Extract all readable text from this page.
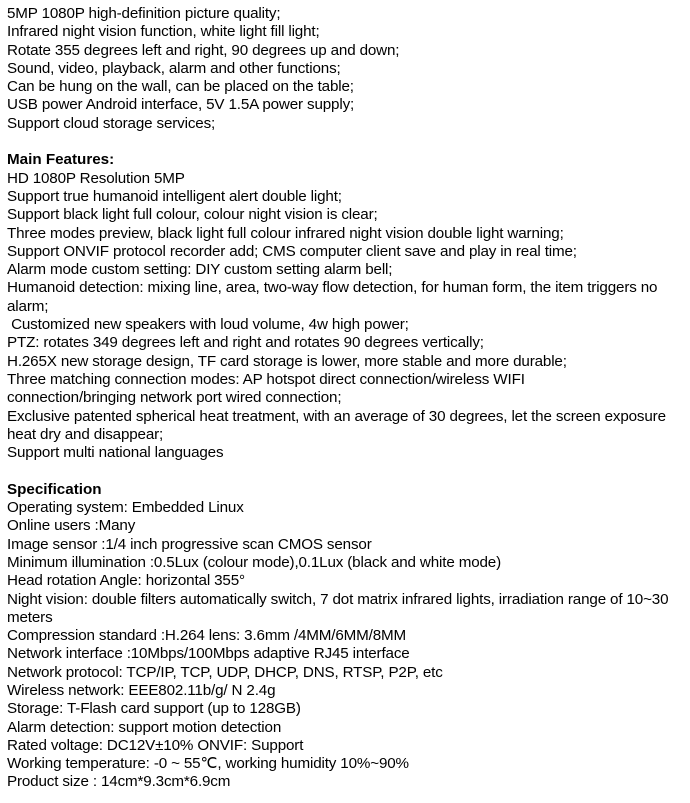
5MP 1080P high-definition picture quality;
Infrared night vision function, white light fill light;
Rotate 355 degrees left and right, 90 degrees up and down;
Sound, video, playback, alarm and other functions;
Can be hung on the wall, can be placed on the table;
USB power Android interface, 5V 1.5A power supply;
Support cloud storage services;
Main Features:
HD 1080P Resolution 5MP
Support true humanoid intelligent alert double light;
Support black light full colour, colour night vision is clear;
Three modes preview, black light full colour infrared night vision double light warning;
Support ONVIF protocol recorder add; CMS computer client save and play in real time;
Alarm mode custom setting: DIY custom setting alarm bell;
Humanoid detection: mixing line, area, two-way flow detection, for human form, the item triggers no alarm;
Customized new speakers with loud volume, 4w high power;
PTZ: rotates 349 degrees left and right and rotates 90 degrees vertically;
H.265X new storage design, TF card storage is lower, more stable and more durable;
Three matching connection modes: AP hotspot direct connection/wireless WIFI connection/bringing network port wired connection;
Exclusive patented spherical heat treatment, with an average of 30 degrees, let the screen exposure heat dry and disappear;
Support multi national languages
Specification
Operating system: Embedded Linux
Online users :Many
Image sensor :1/4 inch progressive scan CMOS sensor
Minimum illumination :0.5Lux (colour mode),0.1Lux (black and white mode)
Head rotation Angle: horizontal 355°
Night vision: double filters automatically switch, 7 dot matrix infrared lights, irradiation range of 10~30 meters
Compression standard :H.264 lens: 3.6mm /4MM/6MM/8MM
Network interface :10Mbps/100Mbps adaptive RJ45 interface
Network protocol: TCP/IP, TCP, UDP, DHCP, DNS, RTSP, P2P, etc
Wireless network: EEE802.11b/g/ N 2.4g
Storage: T-Flash card support (up to 128GB)
Alarm detection: support motion detection
Rated voltage: DC12V±10% ONVIF: Support
Working temperature: -0 ~ 55℃, working humidity 10%~90%
Product size : 14cm*9.3cm*6.9cm
